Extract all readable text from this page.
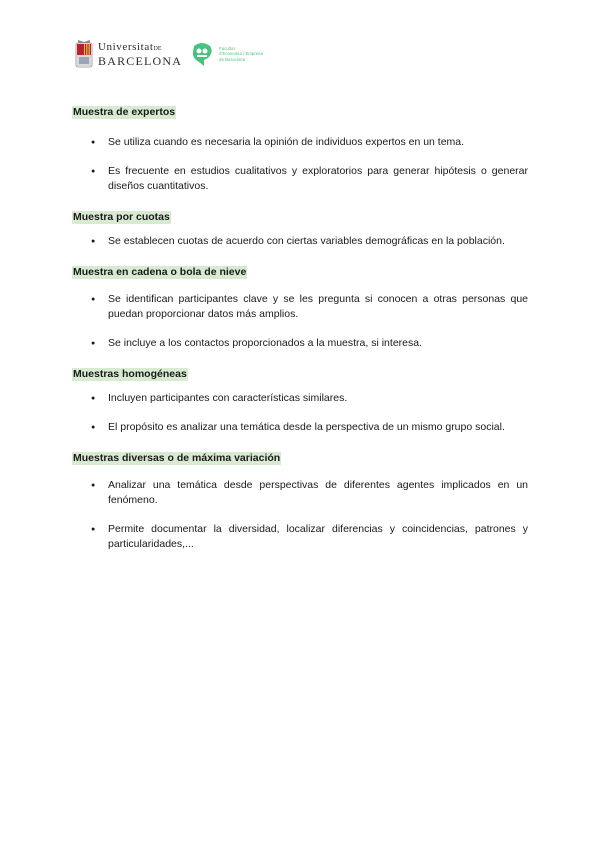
UniversitatDE
BARCELONA
Facultat
d'Economia i Empresa
de Barcelona
Muestra de expertos
● Se utiliza cuando es necesaria la opinión de individuos expertos en un tema.
● Es frecuente en estudios cualitativos y exploratorios para generar hipótesis o generar diseños cuantitativos.
Muestra por cuotas
● Se establecen cuotas de acuerdo con ciertas variables demográficas en la población.
Muestra en cadena o bola de nieve
● Se identifican participantes clave y se les pregunta si conocen a otras personas que puedan proporcionar datos más amplios.
● Se incluye a los contactos proporcionados a la muestra, si interesa.
Muestras homogéneas
● Incluyen participantes con características similares.
● El propósito es analizar una temática desde la perspectiva de un mismo grupo social.
Muestras diversas o de máxima variación
● Analizar una temática desde perspectivas de diferentes agentes implicados en un fenómeno.
● Permite documentar la diversidad, localizar diferencias y coincidencias, patrones y particularidades,...
